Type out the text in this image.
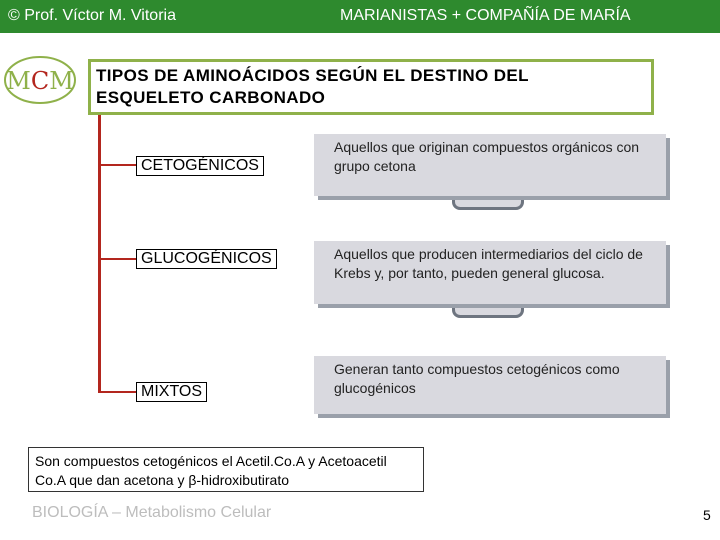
© Prof. Víctor M. Vitoria	MARIANISTAS + COMPAÑÍA DE MARÍA
MCM TIPOS DE AMINOÁCIDOS SEGÚN EL DESTINO DEL
ESQUELETO CARBONADO
CETOGÉNICOS
GLUCOGÉNICOS
MIXTOS
Aquellos que originan compuestos orgánicos con grupo cetona
Aquellos que producen intermediarios del ciclo de Krebs y, por tanto, pueden general glucosa.
Generan tanto compuestos cetogénicos como glucogénicos
Son compuestos cetogénicos el Acetil.Co.A y Acetoacetil Co.A que dan acetona y β-hidroxibutirato
BIOLOGÍA – Metabolismo Celular	5
